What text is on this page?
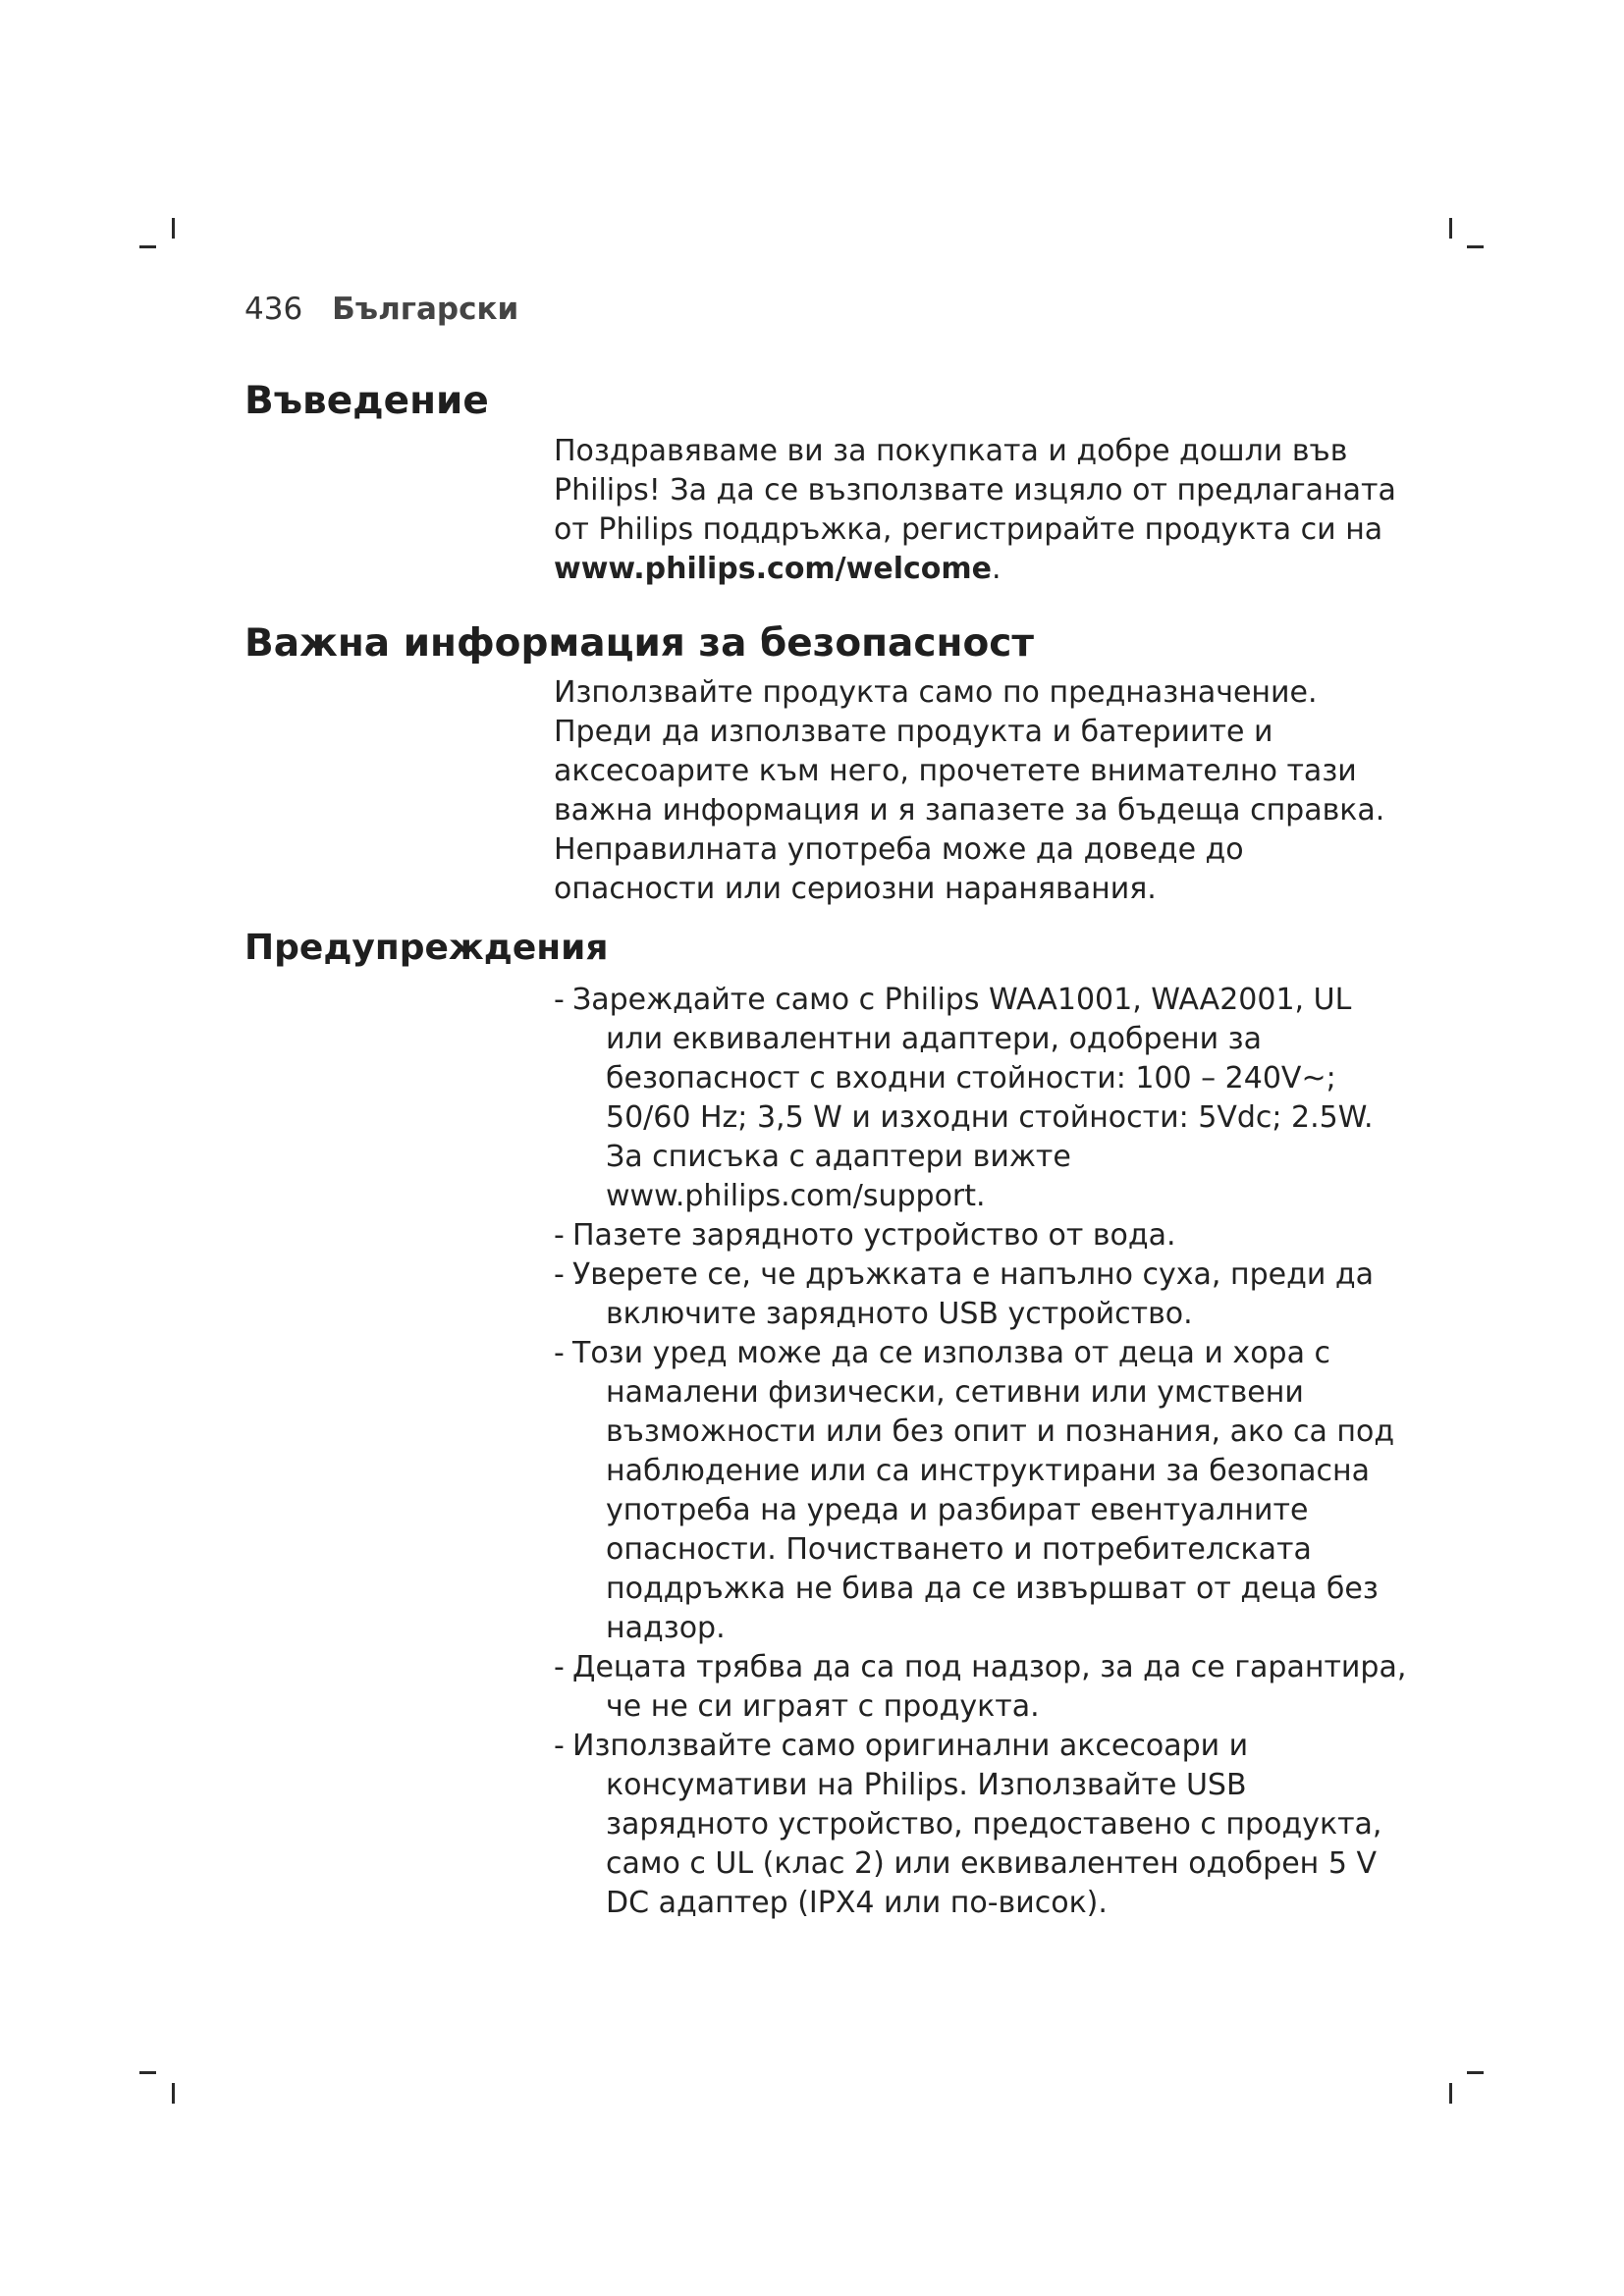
436 Български
Въведение

Поздравяваме ви за покупката и добре дошли във Philips! За да се възползвате изцяло от предлаганата от Philips поддръжка, регистрирайте продукта си на www.philips.com/welcome.

Важна информация за безопасност

Използвайте продукта само по предназначение. Преди да използвате продукта и батериите и аксесоарите към него, прочетете внимателно тази важна информация и я запазете за бъдеща справка. Неправилната употреба може да доведе до опасности или сериозни наранявания.

Предупреждения
- Зареждайте само с Philips WAA1001, WAA2001, UL или еквивалентни адаптери, одобрени за безопасност с входни стойности: 100 – 240V~; 50/60 Hz; 3,5 W и изходни стойности: 5Vdc; 2.5W. За списъка с адаптери вижте www.philips.com/support.
- Пазете зарядното устройство от вода.
- Уверете се, че дръжката е напълно суха, преди да включите зарядното USB устройство.
- Този уред може да се използва от деца и хора с намалени физически, сетивни или умствени възможности или без опит и познания, ако са под наблюдение или са инструктирани за безопасна употреба на уреда и разбират евентуалните опасности. Почистването и потребителската поддръжка не бива да се извършват от деца без надзор.
- Децата трябва да са под надзор, за да се гарантира, че не си играят с продукта.
- Използвайте само оригинални аксесоари и консумативи на Philips. Използвайте USB зарядното устройство, предоставено с продукта, само с UL (клас 2) или еквивалентен одобрен 5 V DC адаптер (IPX4 или по-висок).
